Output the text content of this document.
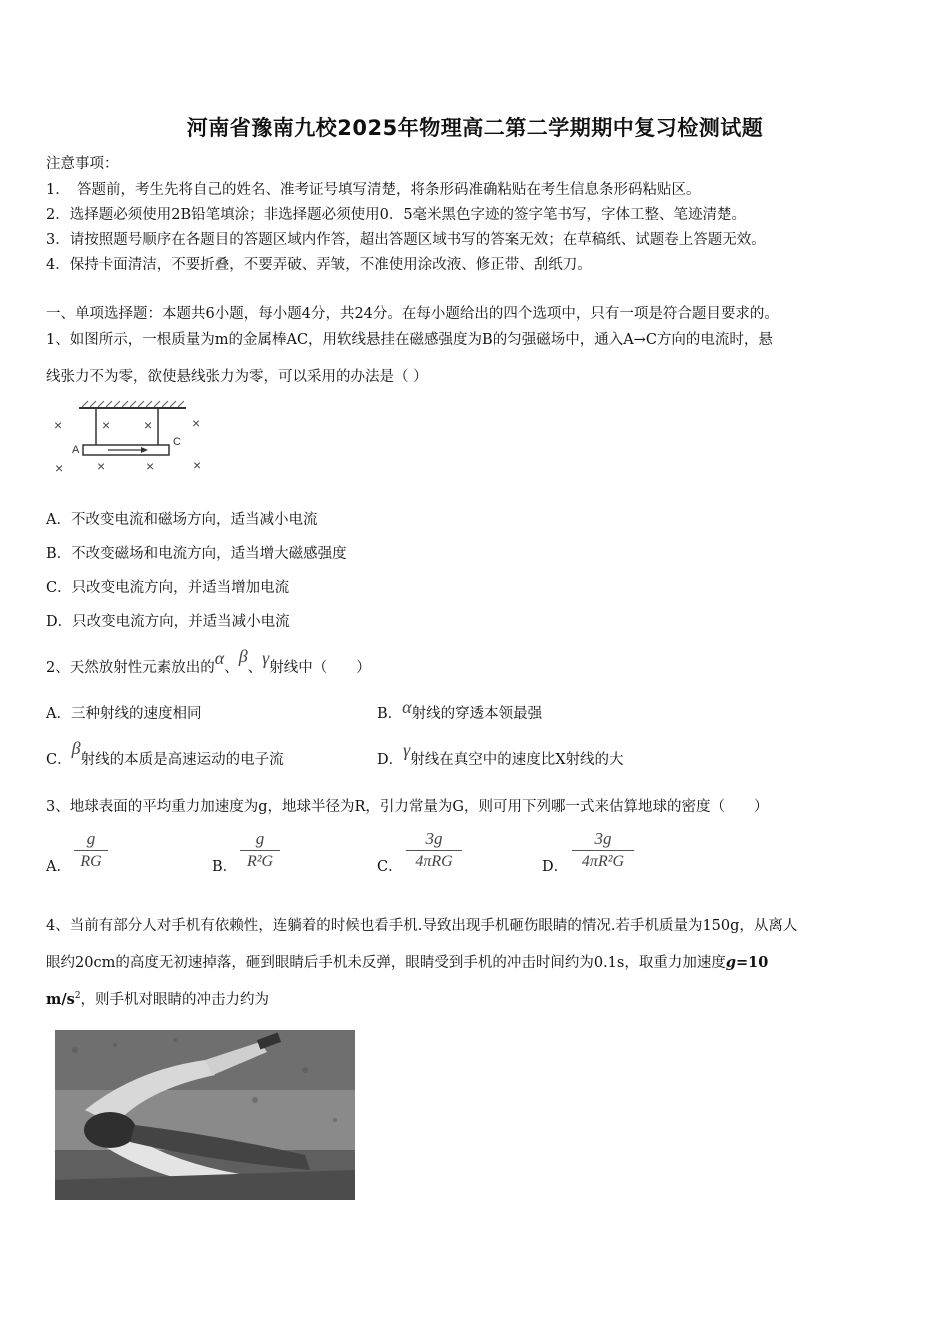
河南省豫南九校2025年物理高二第二学期期中复习检测试题
注意事项：
1．　答题前，考生先将自己的姓名、准考证号填写清楚，将条形码准确粘贴在考生信息条形码粘贴区。
2．选择题必须使用2B铅笔填涂；非选择题必须使用0．5毫米黑色字迹的签字笔书写，字体工整、笔迹清楚。
3．请按照题号顺序在各题目的答题区域内作答，超出答题区域书写的答案无效；在草稿纸、试题卷上答题无效。
4．保持卡面清洁，不要折叠，不要弄破、弄皱，不准使用涂改液、修正带、刮纸刀。
一、单项选择题：本题共6小题，每小题4分，共24分。在每小题给出的四个选项中，只有一项是符合题目要求的。
1、如图所示，一根质量为m的金属棒AC，用软线悬挂在磁感强度为B的匀强磁场中，通入A→C方向的电流时，悬
线张力不为零，欲使悬线张力为零，可以采用的办法是（ ）
A
C
×	× ×	×
× ×	×	×
A．不改变电流和磁场方向，适当减小电流
B．不改变磁场和电流方向，适当增大磁感强度
C．只改变电流方向，并适当增加电流
D．只改变电流方向，并适当减小电流
2、天然放射性元素放出的α、β、γ射线中（　　）
A．三种射线的速度相同	B．α射线的穿透本领最强
C．β射线的本质是高速运动的电子流	D．γ射线在真空中的速度比X射线的大
3、地球表面的平均重力加速度为g，地球半径为R，引力常量为G，则可用下列哪一式来估算地球的密度（　　）
A．
g
RG	B．
g
R²G	C．
3g
4πRG	D．
3g
4πR²G
4、当前有部分人对手机有依赖性，连躺着的时候也看手机.导致出现手机砸伤眼睛的情况.若手机质量为150g，从离人
眼约20cm的高度无初速掉落，砸到眼睛后手机未反弹，眼睛受到手机的冲击时间约为0.1s，取重力加速度g=10
$m/s^2$，则手机对眼睛的冲击力约为
